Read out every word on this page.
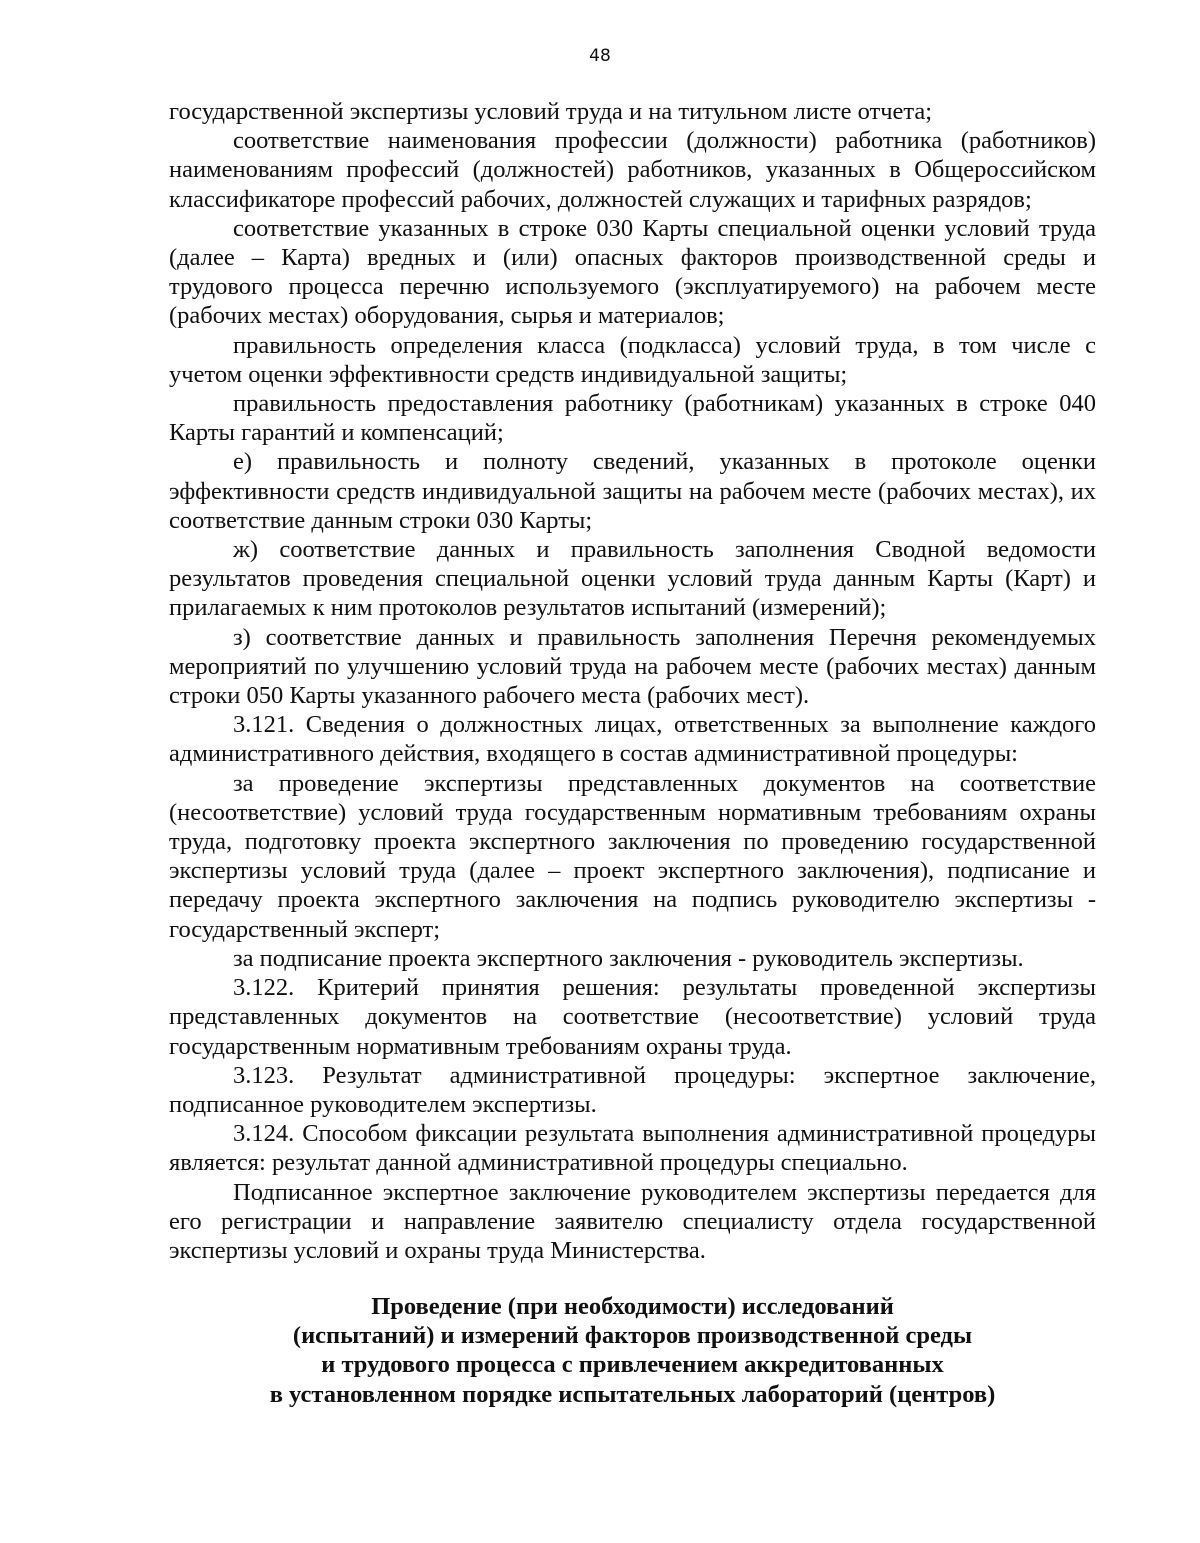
48

государственной экспертизы условий труда и на титульном листе отчета;

соответствие наименования профессии (должности) работника (работников) наименованиям профессий (должностей) работников, указанных в Общероссийском классификаторе профессий рабочих, должностей служащих и тарифных разрядов;

соответствие указанных в строке 030 Карты специальной оценки условий труда (далее – Карта) вредных и (или) опасных факторов производственной среды и трудового процесса перечню используемого (эксплуатируемого) на рабочем месте (рабочих местах) оборудования, сырья и материалов;

правильность определения класса (подкласса) условий труда, в том числе с учетом оценки эффективности средств индивидуальной защиты;

правильность предоставления работнику (работникам) указанных в строке 040 Карты гарантий и компенсаций;

е) правильность и полноту сведений, указанных в протоколе оценки эффективности средств индивидуальной защиты на рабочем месте (рабочих местах), их соответствие данным строки 030 Карты;

ж) соответствие данных и правильность заполнения Сводной ведомости результатов проведения специальной оценки условий труда данным Карты (Карт) и прилагаемых к ним протоколов результатов испытаний (измерений);

з) соответствие данных и правильность заполнения Перечня рекомендуемых мероприятий по улучшению условий труда на рабочем месте (рабочих местах) данным строки 050 Карты указанного рабочего места (рабочих мест).

3.121. Сведения о должностных лицах, ответственных за выполнение каждого административного действия, входящего в состав административной процедуры:

за проведение экспертизы представленных документов на соответствие (несоответствие) условий труда государственным нормативным требованиям охраны труда, подготовку проекта экспертного заключения по проведению государственной экспертизы условий труда (далее – проект экспертного заключения), подписание и передачу проекта экспертного заключения на подпись руководителю экспертизы - государственный эксперт;

за подписание проекта экспертного заключения - руководитель экспертизы.

3.122. Критерий принятия решения: результаты проведенной экспертизы представленных документов на соответствие (несоответствие) условий труда государственным нормативным требованиям охраны труда.

3.123. Результат административной процедуры: экспертное заключение, подписанное руководителем экспертизы.

3.124. Способом фиксации результата выполнения административной процедуры является: результат данной административной процедуры специально.

Подписанное экспертное заключение руководителем экспертизы передается для его регистрации и направление заявителю специалисту отдела государственной экспертизы условий и охраны труда Министерства.

Проведение (при необходимости) исследований
(испытаний) и измерений факторов производственной среды
и трудового процесса с привлечением аккредитованных
в установленном порядке испытательных лабораторий (центров)
